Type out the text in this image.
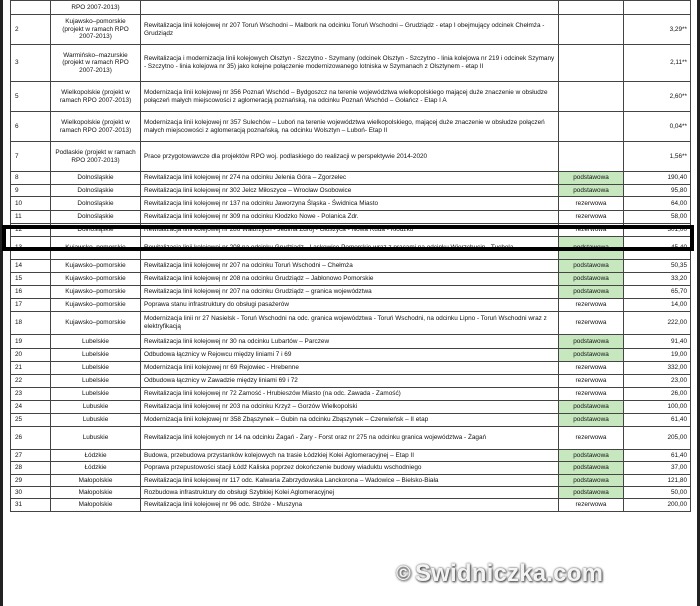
	RPO 2007-2013)			
2	Kujawsko–pomorskie (projekt w ramach RPO 2007-2013)	Rewitalizacja linii kolejowej nr 207 Toruń Wschodni – Malbork na odcinku Toruń Wschodni – Grudziądz - etap I obejmujący odcinek Chełmża - Grudziądz		3,29**
3	Warmińsko–mazurskie (projekt w ramach RPO 2007-2013)	Rewitalizacja i modernizacja linii kolejowych Olsztyn - Szczytno - Szymany (odcinek Olsztyn - Szczytno - linia kolejowa nr 219 i odcinek Szymany - Szczytno - linia kolejowa nr 35) jako kolejne połączenie modernizowanego lotniska w Szymanach z Olsztynem - etap II		2,11**
5	Wielkopolskie (projekt w ramach RPO 2007-2013)	Modernizacja linii kolejowej nr 356 Poznań Wschód – Bydgoszcz na terenie województwa wielkopolskiego mającej duże znaczenie w obsłudze połączeń małych miejscowości z aglomeracją poznańską, na odcinku Poznań Wschód – Gołańcz - Etap I A		2,60**
6	Wielkopolskie (projekt w ramach RPO 2007-2013)	Modernizacja linii kolejowej nr 357 Sulechów – Luboń na terenie województwa wielkopolskiego, mającej duże znaczenie w obsłudze połączeń małych miejscowości z aglomeracją poznańską, na odcinku Wolsztyn – Luboń- Etap II		0,04**
7	Podlaskie (projekt w ramach RPO 2007-2013)	Prace przygotowawcze dla projektów RPO woj. podlaskiego do realizacji w perspektywie 2014-2020		1,56**
8	Dolnośląskie	Rewitalizacja linii kolejowej nr 274 na odcinku Jelenia Góra – Zgorzelec	podstawowa	190,40
9	Dolnośląskie	Rewitalizacja linii kolejowej nr 302 Jelcz Miłoszyce – Wrocław Osobowice	podstawowa	95,80
10	Dolnośląskie	Rewitalizacja linii kolejowej nr 137 na odcinku Jaworzyna Śląska - Świdnica Miasto	rezerwowa	64,00
11	Dolnośląskie	Rewitalizacja linii kolejowej nr 309 na odcinku Kłodzko Nowe - Polanica Zdr.	rezerwowa	58,00
12	Dolnośląskie	Rewitalizacja linii kolejowej nr 286 Wałbrzych - Jedlina Zdrój - Głuszyca - Nowa Ruda - Kłodzko	rezerwowa	301,00
13	Kujawsko–pomorskie	Rewitalizacja linii kolejowej nr 208 na odcinku Grudziądz - Laskowice Pomorskie wraz z pracami na odcinku Wierzchucin - Tuchola	podstawowa	45,40
14	Kujawsko–pomorskie	Rewitalizacja linii kolejowej nr 207 na odcinku Toruń Wschodni – Chełmża	podstawowa	50,35
15	Kujawsko–pomorskie	Rewitalizacja linii kolejowej nr 208 na odcinku Grudziądz – Jabłonowo Pomorskie	podstawowa	33,20
16	Kujawsko–pomorskie	Rewitalizacja linii kolejowej nr 207 na odcinku Grudziądz – granica województwa	podstawowa	65,70
17	Kujawsko–pomorskie	Poprawa stanu infrastruktury do obsługi pasażerów	rezerwowa	14,00
18	Kujawsko–pomorskie	Modernizacja linii nr 27 Nasielsk - Toruń Wschodni na odc. granica województwa - Toruń Wschodni, na odcinku Lipno - Toruń Wschodni wraz z elektryfikacją	rezerwowa	222,00
19	Lubelskie	Rewitalizacja linii kolejowej nr 30 na odcinku Lubartów – Parczew	podstawowa	91,40
20	Lubelskie	Odbudowa łącznicy w Rejowcu między liniami 7 i 69	podstawowa	19,00
21	Lubelskie	Modernizacja linii kolejowej nr 69 Rejowiec - Hrebenne	rezerwowa	332,00
22	Lubelskie	Odbudowa łącznicy w Zawadzie między liniami 69 i 72	rezerwowa	23,00
23	Lubelskie	Rewitalizacja linii kolejowej nr 72 Zamość - Hrubieszów Miasto (na odc. Zawada - Zamość)	rezerwowa	26,00
24	Lubuskie	Rewitalizacja linii kolejowej nr 203 na odcinku Krzyż – Gorzów Wielkopolski	podstawowa	100,00
25	Lubuskie	Modernizacja linii kolejowej nr 358 Zbąszynek – Gubin na odcinku Zbąszynek – Czerwieńsk – II etap	podstawowa	61,40
26	Lubuskie	Rewitalizacja linii kolejowych nr 14 na odcinku Żagań - Żary - Forst oraz nr 275 na odcinku granica województwa - Żagań	rezerwowa	205,00
27	Łódzkie	Budowa, przebudowa przystanków kolejowych na trasie Łódzkiej Kolei Aglomeracyjnej – Etap II	podstawowa	61,40
28	Łódzkie	Poprawa przepustowości stacji Łódź Kaliska poprzez dokończenie budowy wiaduktu wschodniego	podstawowa	37,00
29	Małopolskie	Rewitalizacja linii kolejowej nr 117 odc. Kalwaria Zabrzydowska Lanckorona – Wadowice – Bielsko-Biała	podstawowa	121,80
30	Małopolskie	Rozbudowa infrastruktury do obsługi Szybkiej Kolei Aglomeracyjnej	podstawowa	50,00
31	Małopolskie	Rewitalizacja linii kolejowej nr 96 odc. Stróże - Muszyna	rezerwowa	200,00
© Swidniczka.com
